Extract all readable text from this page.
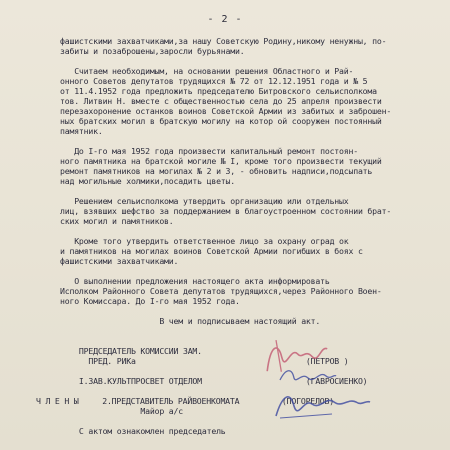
- 2 -
фашистскими захватчиками,за нашу Советскую Родину,никому ненужны, по-
забиты и позаброшены,заросли бурьянами.
Считаем необходимым, на основании решения Областного и Рай-
онного Советов депутатов трудящихся № 72 от 12.12.1951 года и № 5
от 11.4.1952 года предложить председателю Битровского сельисполкома
тов. Литвин Н. вместе с общественностью села до 25 апреля произвести
перезахоронение останков воинов Советской Армии из забитых и заброшен-
ных братских могил в братскую могилу на котор ой сооружен постоянный
памятник.
До I-го мая 1952 года произвести капитальный ремонт постоян-
ного памятника на братской могиле № I, кроме того произвести текущий
ремонт памятников на могилах № 2 и 3, - обновить надписи,подсыпать
над могильные холмики,посадить цветы.
Решением сельисполкома утвердить организацию или отдельных
лиц, взявших шефство за поддержанием в благоустроенном состоянии брат-
ских могил и памятников.
Кроме того утвердить ответственное лицо за охрану оград ок
и памятников на могилах воинов Советской Армии погибших в боях с
фашистскими захватчиками.
О выполнении предложения настоящего акта информировать
Исполком Районного Совета депутатов трудящихся,через Районного Воен-
ного Комиссара. До I-го мая 1952 года.
В чем и подписываем настоящий акт.
ПРЕДСЕДАТЕЛЬ КОМИССИИ ЗАМ.
ПРЕД. РИКа                                    (ПЕТРОВ )
I.ЗАВ.КУЛЬТПРОСВЕТ ОТДЕЛОМ                      (ГАВРОСИЕНКО)
Ч Л Е Н Ы     2.ПРЕДСТАВИТЕЛЬ РАЙВОЕНКОМАТА         (ПОГОРЕЛОВ)
Майор а/с
С актом ознакомлен председатель
